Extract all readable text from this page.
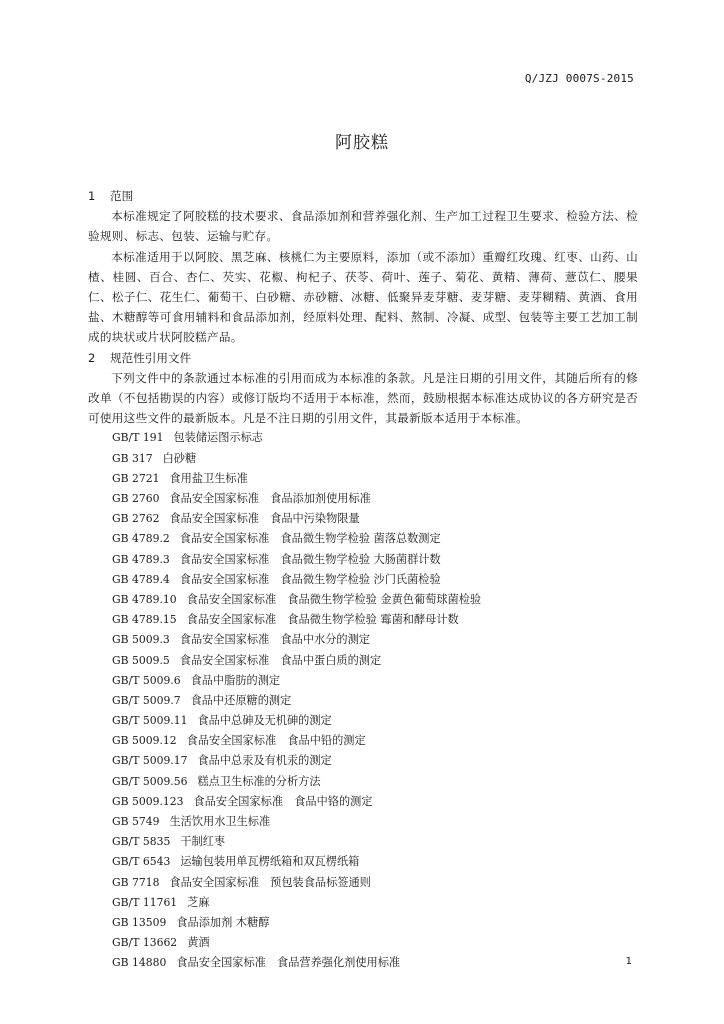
Q/JZJ 0007S-2015
阿胶糕

1 范围

本标准规定了阿胶糕的技术要求、食品添加剂和营养强化剂、生产加工过程卫生要求、检验方法、检验规则、标志、包装、运输与贮存。

本标准适用于以阿胶、黑芝麻、核桃仁为主要原料，添加（或不添加）重瓣红玫瑰、红枣、山药、山楂、桂圆、百合、杏仁、芡实、花椒、枸杞子、茯苓、荷叶、莲子、菊花、黄精、薄荷、薏苡仁、腰果仁、松子仁、花生仁、葡萄干、白砂糖、赤砂糖、冰糖、低聚异麦芽糖、麦芽糖、麦芽糊精、黄酒、食用盐、木糖醇等可食用辅料和食品添加剂，经原料处理、配料、熬制、冷凝、成型、包装等主要工艺加工制成的块状或片状阿胶糕产品。

2 规范性引用文件

下列文件中的条款通过本标准的引用而成为本标准的条款。凡是注日期的引用文件，其随后所有的修改单（不包括勘误的内容）或修订版均不适用于本标准，然而，鼓励根据本标准达成协议的各方研究是否可使用这些文件的最新版本。凡是不注日期的引用文件，其最新版本适用于本标准。

GB/T 191 包装储运图示标志
GB 317 白砂糖
GB 2721 食用盐卫生标准
GB 2760 食品安全国家标准　食品添加剂使用标准
GB 2762 食品安全国家标准　食品中污染物限量
GB 4789.2 食品安全国家标准　食品微生物学检验 菌落总数测定
GB 4789.3 食品安全国家标准　食品微生物学检验 大肠菌群计数
GB 4789.4 食品安全国家标准　食品微生物学检验 沙门氏菌检验
GB 4789.10 食品安全国家标准　食品微生物学检验 金黄色葡萄球菌检验
GB 4789.15 食品安全国家标准　食品微生物学检验 霉菌和酵母计数
GB 5009.3 食品安全国家标准　食品中水分的测定
GB 5009.5 食品安全国家标准　食品中蛋白质的测定
GB/T 5009.6 食品中脂肪的测定
GB/T 5009.7 食品中还原糖的测定
GB/T 5009.11 食品中总砷及无机砷的测定
GB 5009.12 食品安全国家标准　食品中铅的测定
GB/T 5009.17 食品中总汞及有机汞的测定
GB/T 5009.56 糕点卫生标准的分析方法
GB 5009.123 食品安全国家标准　食品中铬的测定
GB 5749 生活饮用水卫生标准
GB/T 5835 干制红枣
GB/T 6543 运输包装用单瓦楞纸箱和双瓦楞纸箱
GB 7718 食品安全国家标准　预包装食品标签通则
GB/T 11761 芝麻
GB 13509 食品添加剂 木糖醇
GB/T 13662 黄酒
GB 14880 食品安全国家标准　食品营养强化剂使用标准	1
